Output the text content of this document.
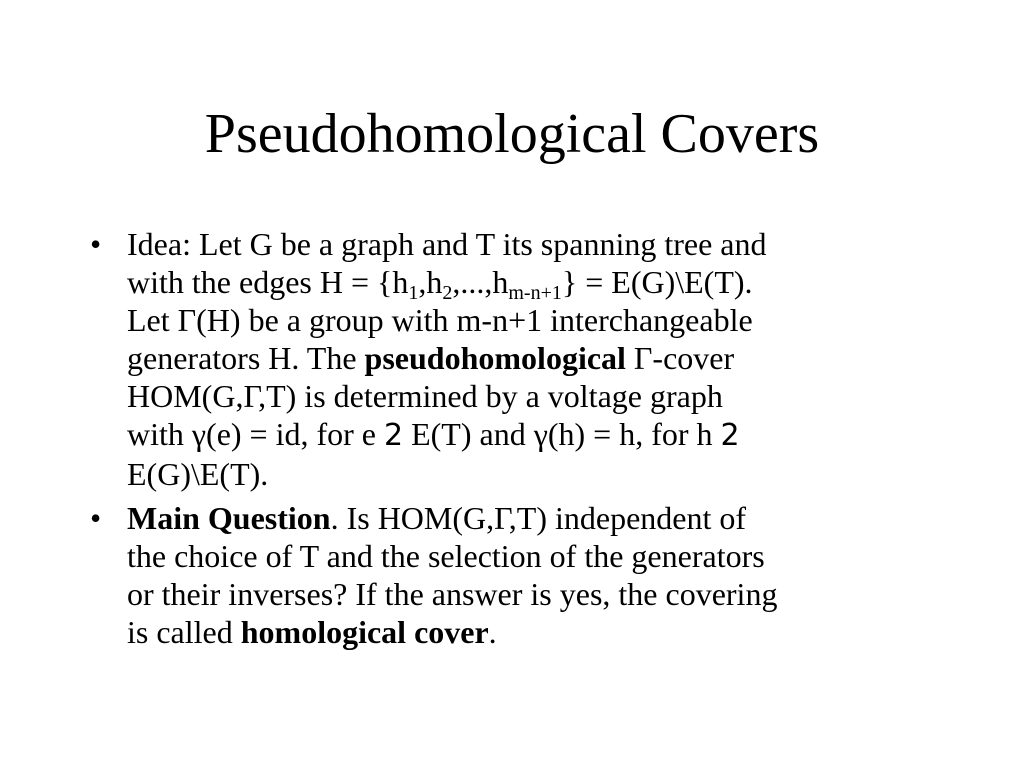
Pseudohomological Covers
• Idea: Let G be a graph and T its spanning tree and
with the edges $H = \{h_1,h_2,...,h_{m-n+1}\}$ = E(G)\E(T).
Let Γ(H) be a group with m-n+1 interchangeable
generators H. The pseudohomological Γ-cover
HOM(G,Γ,T) is determined by a voltage graph
with γ(e) = id, for e 2 E(T) and γ(h) = h, for h 2
E(G)\E(T).
• Main Question. Is HOM(G,Γ,T) independent of
the choice of T and the selection of the generators
or their inverses? If the answer is yes, the covering
is called homological cover.
